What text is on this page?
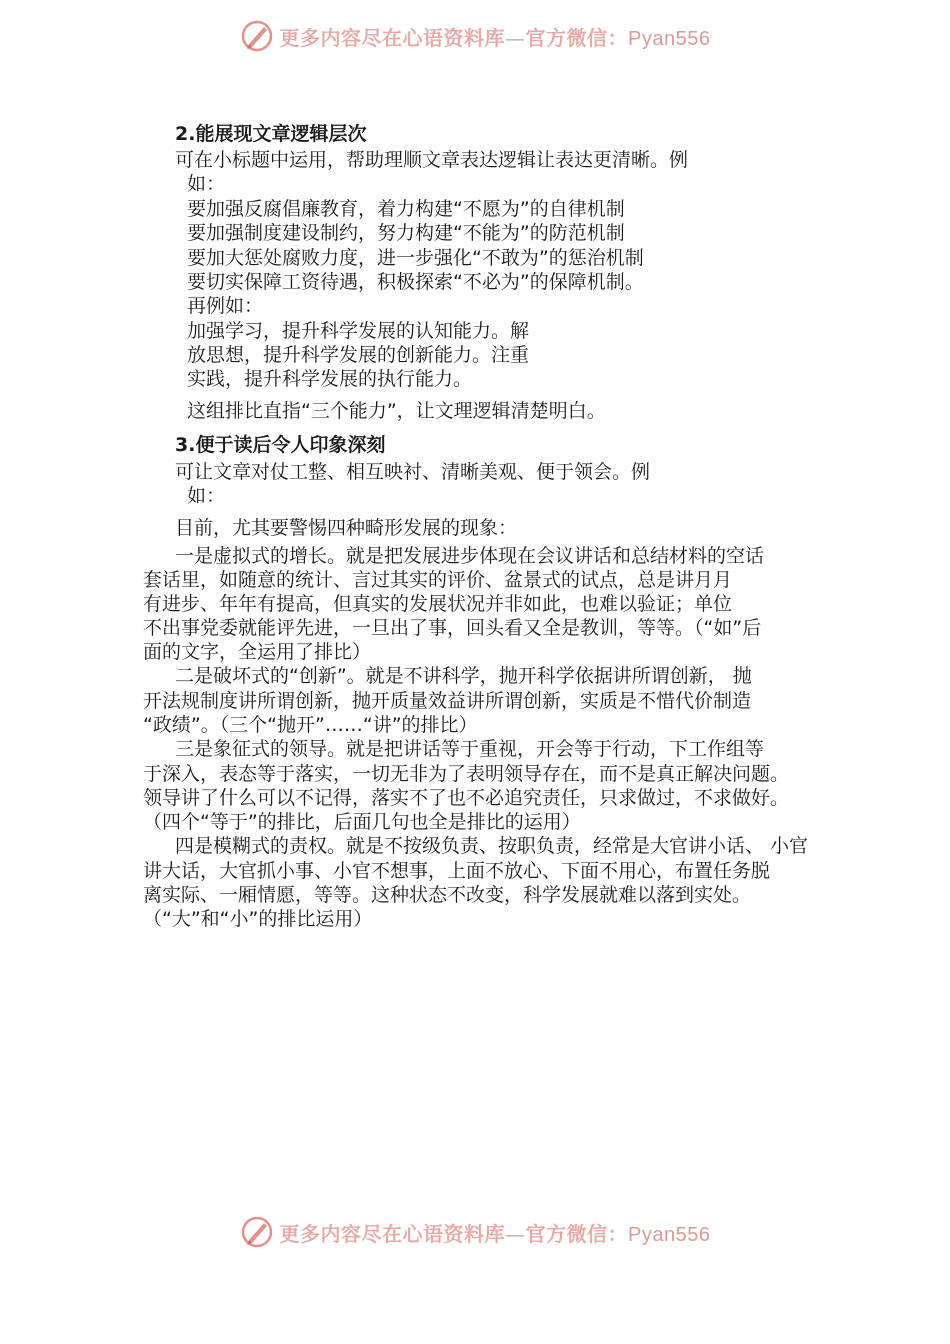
更多内容尽在心语资料库—官方微信：Pyan556
2.能展现文章逻辑层次
可在小标题中运用，帮助理顺文章表达逻辑让表达更清晰。例
如：
要加强反腐倡廉教育，着力构建“不愿为”的自律机制
要加强制度建设制约，努力构建“不能为”的防范机制
要加大惩处腐败力度，进一步强化“不敢为”的惩治机制
要切实保障工资待遇，积极探索“不必为”的保障机制。
再例如：
加强学习，提升科学发展的认知能力。解
放思想，提升科学发展的创新能力。注重
实践，提升科学发展的执行能力。
这组排比直指“三个能力”，让文理逻辑清楚明白。
3.便于读后令人印象深刻
可让文章对仗工整、相互映衬、清晰美观、便于领会。例
如：
目前，尤其要警惕四种畸形发展的现象：
一是虚拟式的增长。就是把发展进步体现在会议讲话和总结材料的空话
套话里，如随意的统计、言过其实的评价、盆景式的试点，总是讲月月
有进步、年年有提高，但真实的发展状况并非如此，也难以验证；单位
不出事党委就能评先进，一旦出了事，回头看又全是教训，等等。（“如”后
面的文字，全运用了排比）
二是破坏式的“创新”。就是不讲科学，抛开科学依据讲所谓创新， 抛
开法规制度讲所谓创新，抛开质量效益讲所谓创新，实质是不惜代价制造
“政绩”。（三个“抛开”……“讲”的排比）
三是象征式的领导。就是把讲话等于重视，开会等于行动，下工作组等
于深入，表态等于落实，一切无非为了表明领导存在，而不是真正解决问题。
领导讲了什么可以不记得，落实不了也不必追究责任，只求做过，不求做好。
（四个“等于”的排比，后面几句也全是排比的运用）
四是模糊式的责权。就是不按级负责、按职负责，经常是大官讲小话、 小官
讲大话，大官抓小事、小官不想事，上面不放心、下面不用心，布置任务脱
离实际、一厢情愿，等等。这种状态不改变，科学发展就难以落到实处。
（“大”和“小”的排比运用）
更多内容尽在心语资料库—官方微信：Pyan556
